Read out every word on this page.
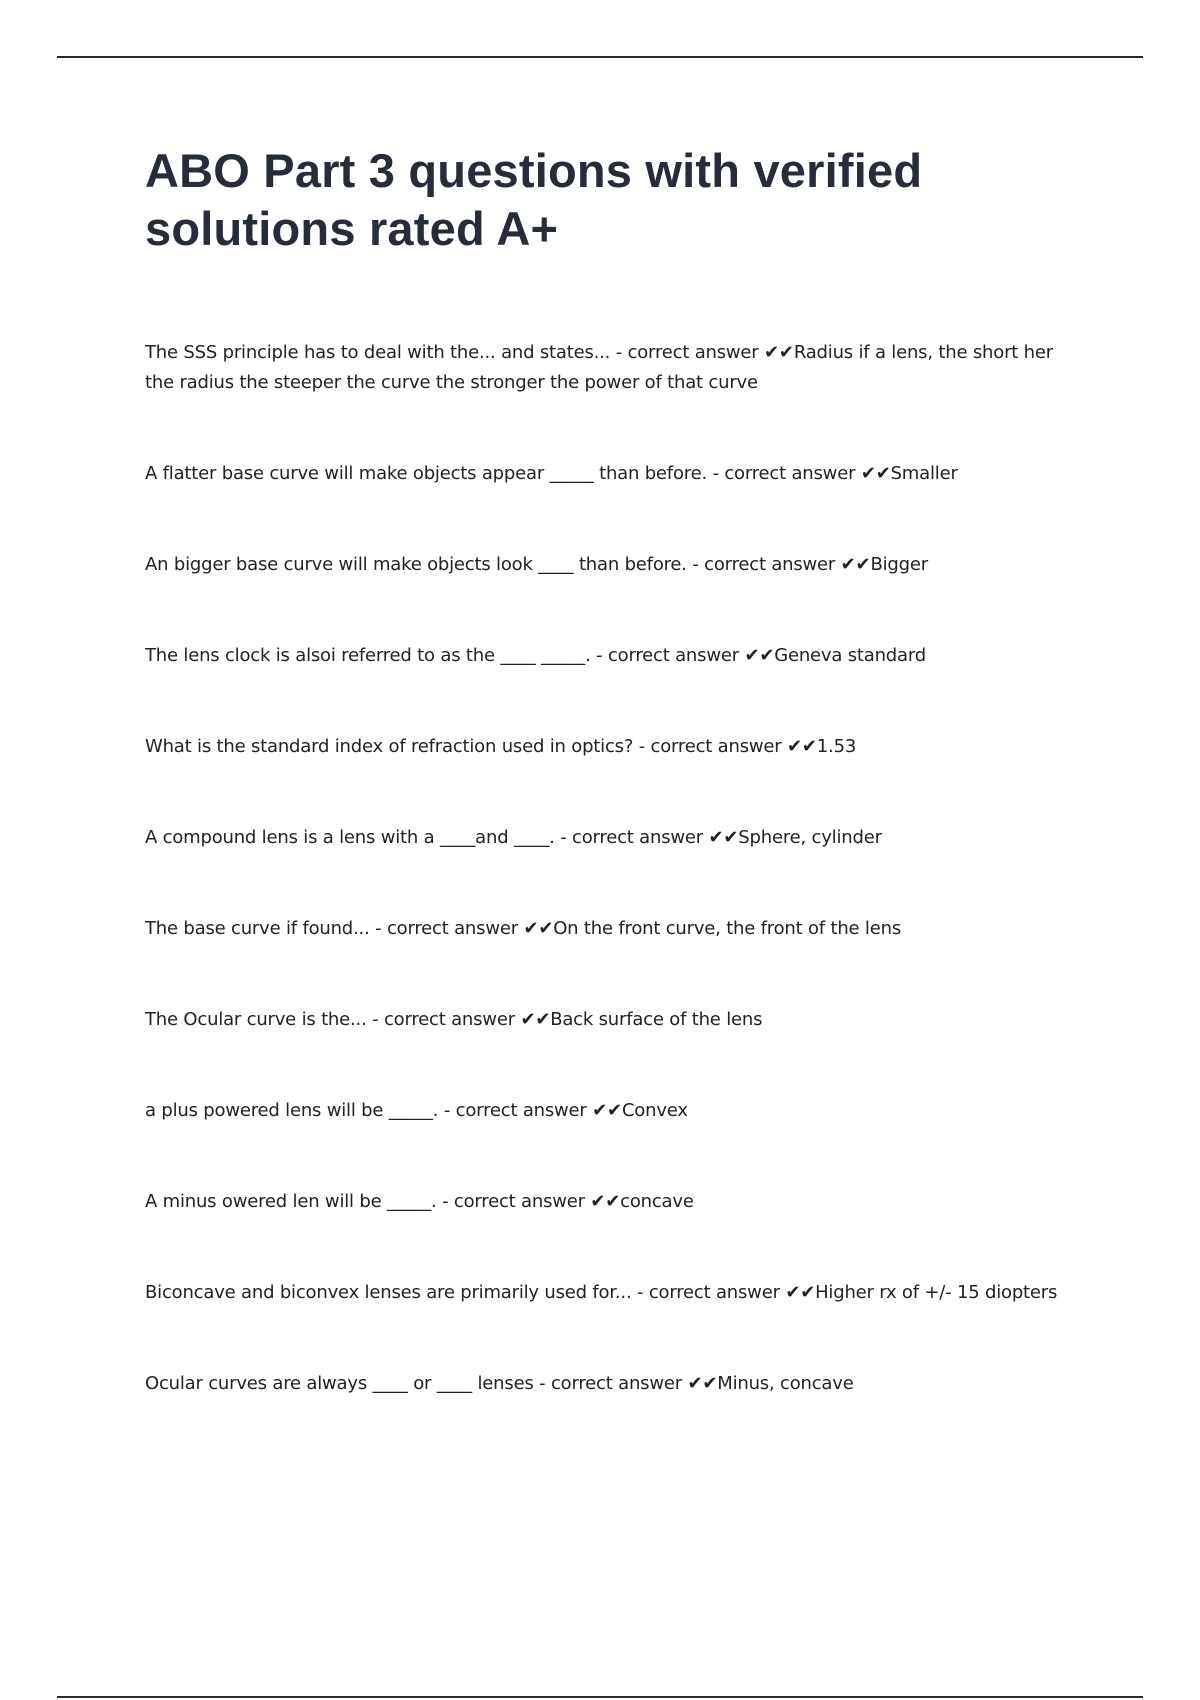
ABO Part 3 questions with verified solutions rated A+
The SSS principle has to deal with the... and states... - correct answer ✔✔Radius if a lens, the short her the radius the steeper the curve the stronger the power of that curve
A flatter base curve will make objects appear _____ than before. - correct answer ✔✔Smaller
An bigger base curve will make objects look ____ than before. - correct answer ✔✔Bigger
The lens clock is alsoi referred to as the ____ _____. - correct answer ✔✔Geneva standard
What is the standard index of refraction used in optics? - correct answer ✔✔1.53
A compound lens is a lens with a ____and ____. - correct answer ✔✔Sphere, cylinder
The base curve if found... - correct answer ✔✔On the front curve, the front of the lens
The Ocular curve is the... - correct answer ✔✔Back surface of the lens
a plus powered lens will be _____. - correct answer ✔✔Convex
A minus owered len will be _____. - correct answer ✔✔concave
Biconcave and biconvex lenses are primarily used for... - correct answer ✔✔Higher rx of +/- 15 diopters
Ocular curves are always ____ or ____ lenses - correct answer ✔✔Minus, concave
